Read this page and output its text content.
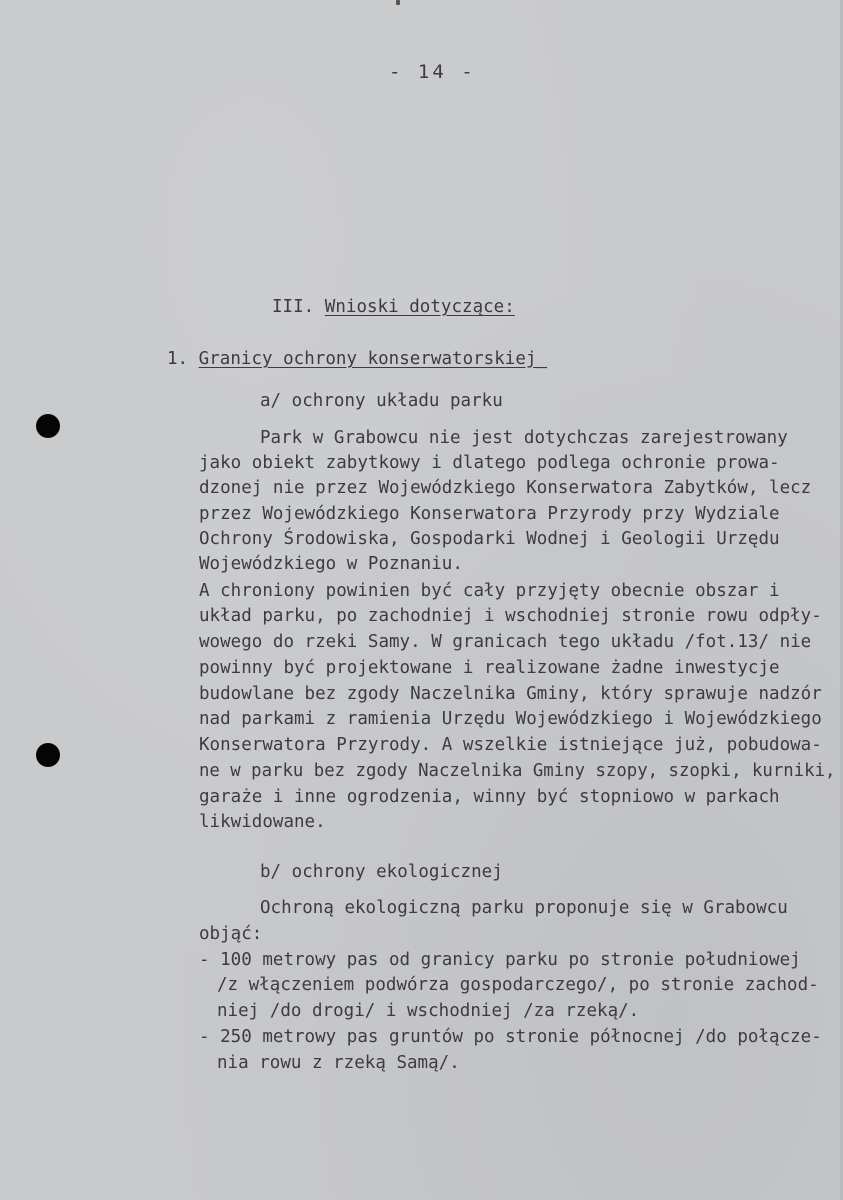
- 14 -
III. Wnioski dotyczące:
1. Granicy ochrony konserwatorskiej_
a/ ochrony układu parku
Park w Grabowcu nie jest dotychczas zarejestrowany
jako obiekt zabytkowy i dlatego podlega ochronie prowa-
dzonej nie przez Wojewódzkiego Konserwatora Zabytków, lecz
przez Wojewódzkiego Konserwatora Przyrody przy Wydziale
Ochrony Środowiska, Gospodarki Wodnej i Geologii Urzędu
Wojewódzkiego w Poznaniu.
A chroniony powinien być cały przyjęty obecnie obszar i
układ parku, po zachodniej i wschodniej stronie rowu odpły-
wowego do rzeki Samy. W granicach tego układu /fot.13/ nie
powinny być projektowane i realizowane żadne inwestycje
budowlane bez zgody Naczelnika Gminy, który sprawuje nadzór
nad parkami z ramienia Urzędu Wojewódzkiego i Wojewódzkiego
Konserwatora Przyrody. A wszelkie istniejące już, pobudowa-
ne w parku bez zgody Naczelnika Gminy szopy, szopki, kurniki,
garaże i inne ogrodzenia, winny być stopniowo w parkach
likwidowane.
b/ ochrony ekologicznej
Ochroną ekologiczną parku proponuje się w Grabowcu
objąć:
- 100 metrowy pas od granicy parku po stronie południowej
/z włączeniem podwórza gospodarczego/, po stronie zachod-
niej /do drogi/ i wschodniej /za rzeką/.
- 250 metrowy pas gruntów po stronie północnej /do połącze-
nia rowu z rzeką Samą/.
